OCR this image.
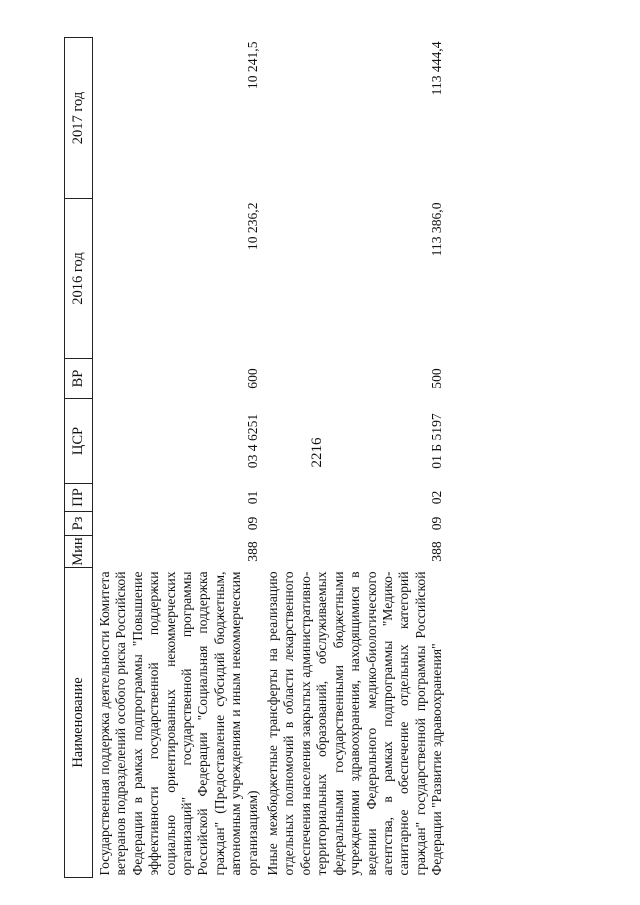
2216
Наименование	Мин	Рз	ПР	ЦСР	ВР	2016 год	2017 год
Государственная поддержка деятельности Комитета ветеранов подразделений особого риска Российской Федерации в рамках подпрограммы "Повышение эффективности государственной поддержки социально ориентированных некоммерческих организаций" государственной программы Российской Федерации "Социальная поддержка граждан" (Предоставление субсидий бюджетным, автономным учреждениям и иным некоммерческим организациям)	388	09	01	03 4 6251	600	10 236,2	10 241,5
Иные межбюджетные трансферты на реализацию отдельных полномочий в области лекарственного обеспечения населения закрытых административно-территориальных образований, обслуживаемых федеральными государственными бюджетными учреждениями здравоохранения, находящимися в ведении Федерального медико-биологического агентства, в рамках подпрограммы "Медико-санитарное обеспечение отдельных категорий граждан" государственной программы Российской Федерации "Развитие здравоохранения"	388	09	02	01 Б 5197	500	113 386,0	113 444,4
